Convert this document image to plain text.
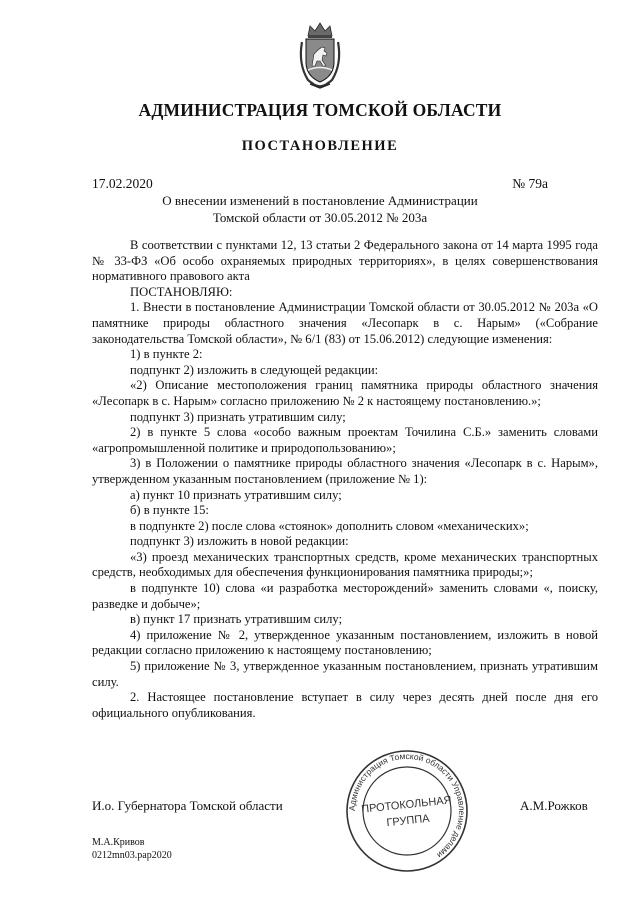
АДМИНИСТРАЦИЯ ТОМСКОЙ ОБЛАСТИ
ПОСТАНОВЛЕНИЕ
17.02.2020	№ 79а
О внесении изменений в постановление Администрации
Томской области от 30.05.2012 № 203а

В соответствии с пунктами 12, 13 статьи 2 Федерального закона от 14 марта 1995 года № 33-ФЗ «Об особо охраняемых природных территориях», в целях совершенствования нормативного правового акта

ПОСТАНОВЛЯЮ:

1. Внести в постановление Администрации Томской области от 30.05.2012 № 203а «О памятнике природы областного значения «Лесопарк в с. Нарым» («Собрание законодательства Томской области», № 6/1 (83) от 15.06.2012) следующие изменения:

1) в пункте 2:

подпункт 2) изложить в следующей редакции:

«2) Описание местоположения границ памятника природы областного значения «Лесопарк в с. Нарым» согласно приложению № 2 к настоящему постановлению.»;

подпункт 3) признать утратившим силу;

2) в пункте 5 слова «особо важным проектам Точилина С.Б.» заменить словами «агропромышленной политике и природопользованию»;

3) в Положении о памятнике природы областного значения «Лесопарк в с. Нарым», утвержденном указанным постановлением (приложение № 1):

а) пункт 10 признать утратившим силу;

б) в пункте 15:

в подпункте 2) после слова «стоянок» дополнить словом «механических»;

подпункт 3) изложить в новой редакции:

«3) проезд механических транспортных средств, кроме механических транспортных средств, необходимых для обеспечения функционирования памятника природы;»;

в подпункте 10) слова «и разработка месторождений» заменить словами «, поиску, разведке и добыче»;

в) пункт 17 признать утратившим силу;

4) приложение № 2, утвержденное указанным постановлением, изложить в новой редакции согласно приложению к настоящему постановлению;

5) приложение № 3, утвержденное указанным постановлением, признать утратившим силу.

2. Настоящее постановление вступает в силу через десять дней после дня его официального опубликования.

И.о. Губернатора Томской области	А.М.Рожков
Администрация Томской области Управление делами
ПРОТОКОЛЬНАЯ
ГРУППА
М.А.Кривов
0212mn03.pap2020
